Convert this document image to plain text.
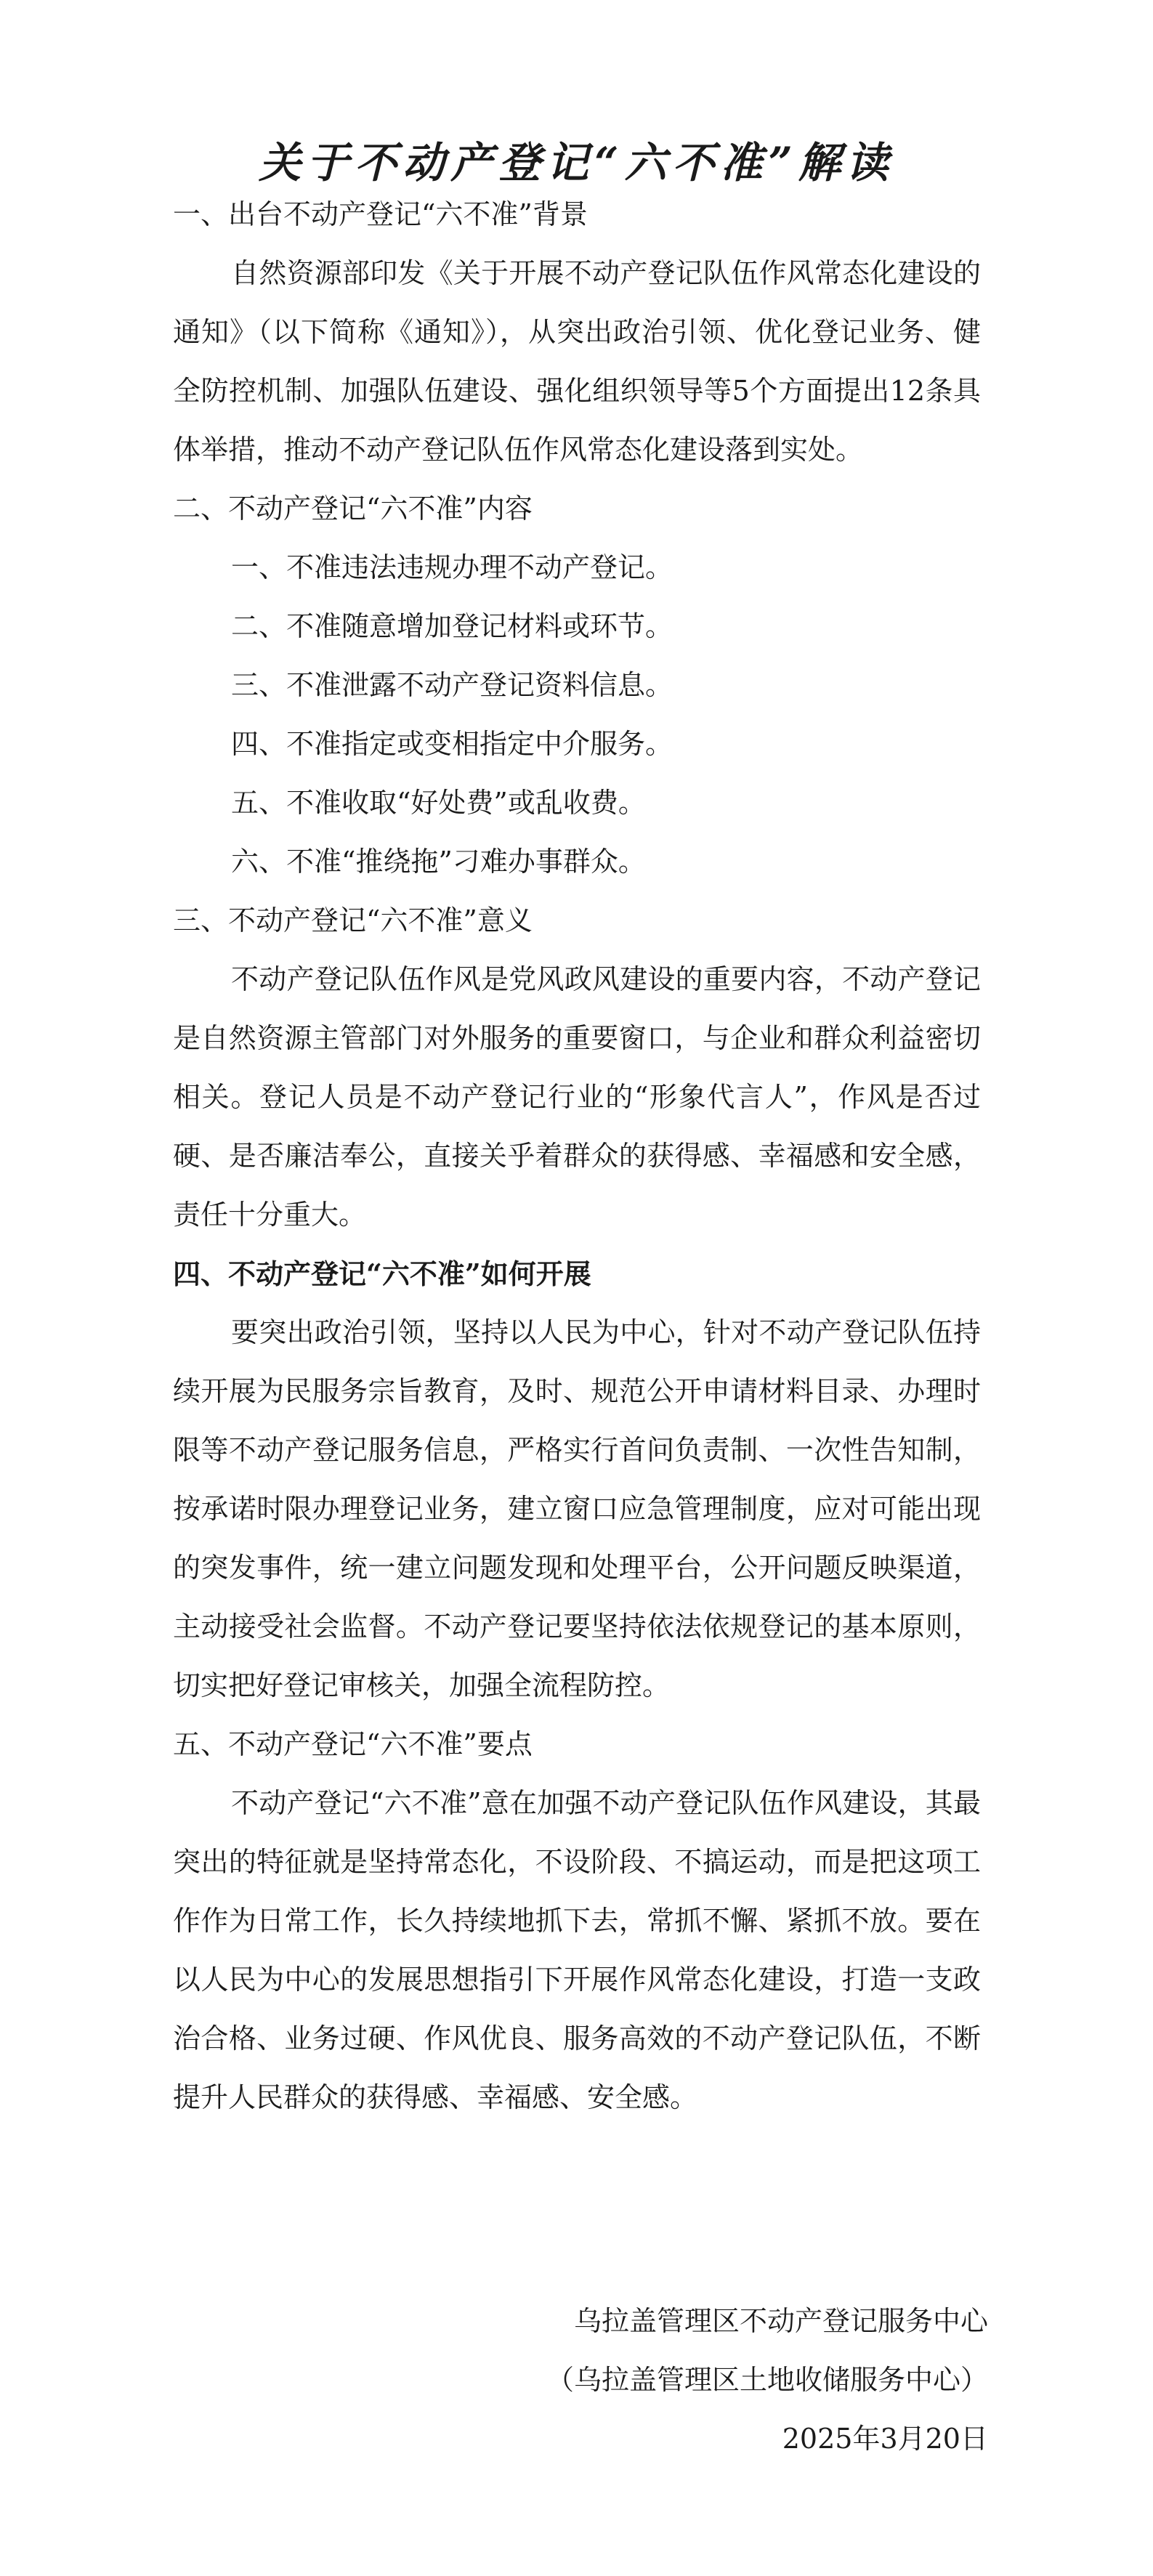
关于不动产登记“六不准”解读
一、出台不动产登记“六不准”背景

自然资源部印发《关于开展不动产登记队伍作风常态化建设的通知》（以下简称《通知》），从突出政治引领、优化登记业务、健全防控机制、加强队伍建设、强化组织领导等5个方面提出12条具体举措，推动不动产登记队伍作风常态化建设落到实处。

二、不动产登记“六不准”内容
一、不准违法违规办理不动产登记。
二、不准随意增加登记材料或环节。
三、不准泄露不动产登记资料信息。
四、不准指定或变相指定中介服务。
五、不准收取“好处费”或乱收费。
六、不准“推绕拖”刁难办事群众。
三、不动产登记“六不准”意义

不动产登记队伍作风是党风政风建设的重要内容，不动产登记是自然资源主管部门对外服务的重要窗口，与企业和群众利益密切相关。登记人员是不动产登记行业的“形象代言人”，作风是否过硬、是否廉洁奉公，直接关乎着群众的获得感、幸福感和安全感，责任十分重大。

四、不动产登记“六不准”如何开展

要突出政治引领，坚持以人民为中心，针对不动产登记队伍持续开展为民服务宗旨教育，及时、规范公开申请材料目录、办理时限等不动产登记服务信息，严格实行首问负责制、一次性告知制，按承诺时限办理登记业务，建立窗口应急管理制度，应对可能出现的突发事件，统一建立问题发现和处理平台，公开问题反映渠道，主动接受社会监督。不动产登记要坚持依法依规登记的基本原则，切实把好登记审核关，加强全流程防控。

五、不动产登记“六不准”要点

不动产登记“六不准”意在加强不动产登记队伍作风建设，其最突出的特征就是坚持常态化，不设阶段、不搞运动，而是把这项工作作为日常工作，长久持续地抓下去，常抓不懈、紧抓不放。要在以人民为中心的发展思想指引下开展作风常态化建设，打造一支政治合格、业务过硬、作风优良、服务高效的不动产登记队伍，不断提升人民群众的获得感、幸福感、安全感。

乌拉盖管理区不动产登记服务中心
（乌拉盖管理区土地收储服务中心）
2025年3月20日
